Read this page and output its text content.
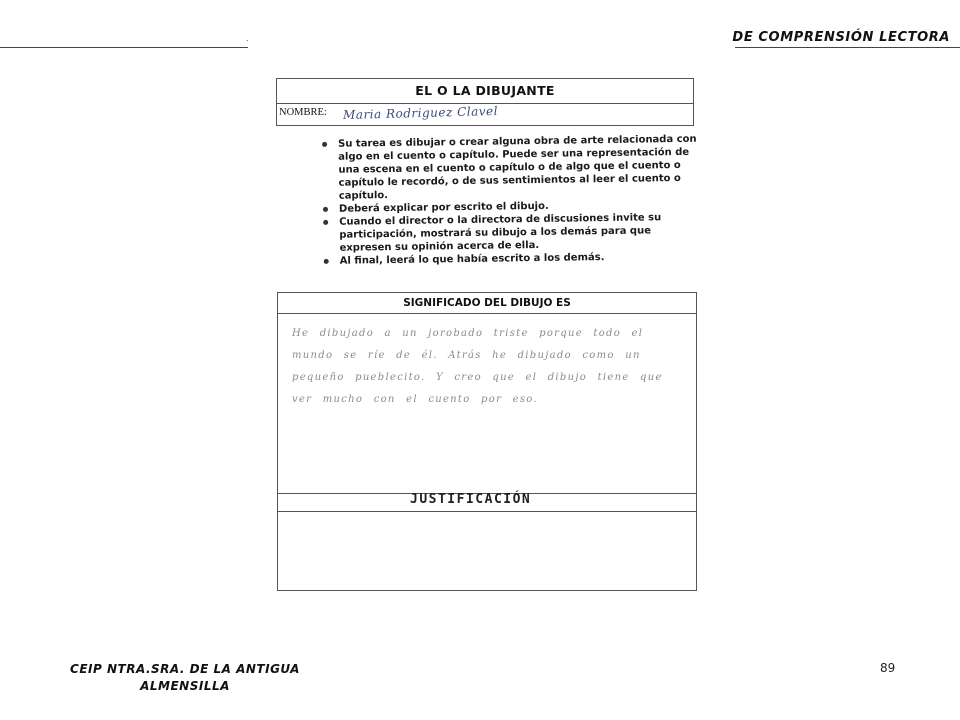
.	DE COMPRENSIÓN LECTORA
EL O LA DIBUJANTE
NOMBRE: Maria Rodriguez Clavel
Su tarea es dibujar o crear alguna obra de arte relacionada con algo en el cuento o capítulo. Puede ser una representación de una escena en el cuento o capítulo o de algo que el cuento o capítulo le recordó, o de sus sentimientos al leer el cuento o capítulo.
Deberá explicar por escrito el dibujo.
Cuando el director o la directora de discusiones invite su participación, mostrará su dibujo a los demás para que expresen su opinión acerca de ella.
Al final, leerá lo que había escrito a los demás.
SIGNIFICADO DEL DIBUJO ES
He dibujado a un jorobado triste porque todo el mundo se ríe de él. Atrás he dibujado como un pequeño pueblecito. Y creo que el dibujo tiene que ver mucho con el cuento por eso.
JUSTIFICACIÓN
CEIP NTRA.SRA. DE LA ANTIGUA
ALMENSILLA
89
